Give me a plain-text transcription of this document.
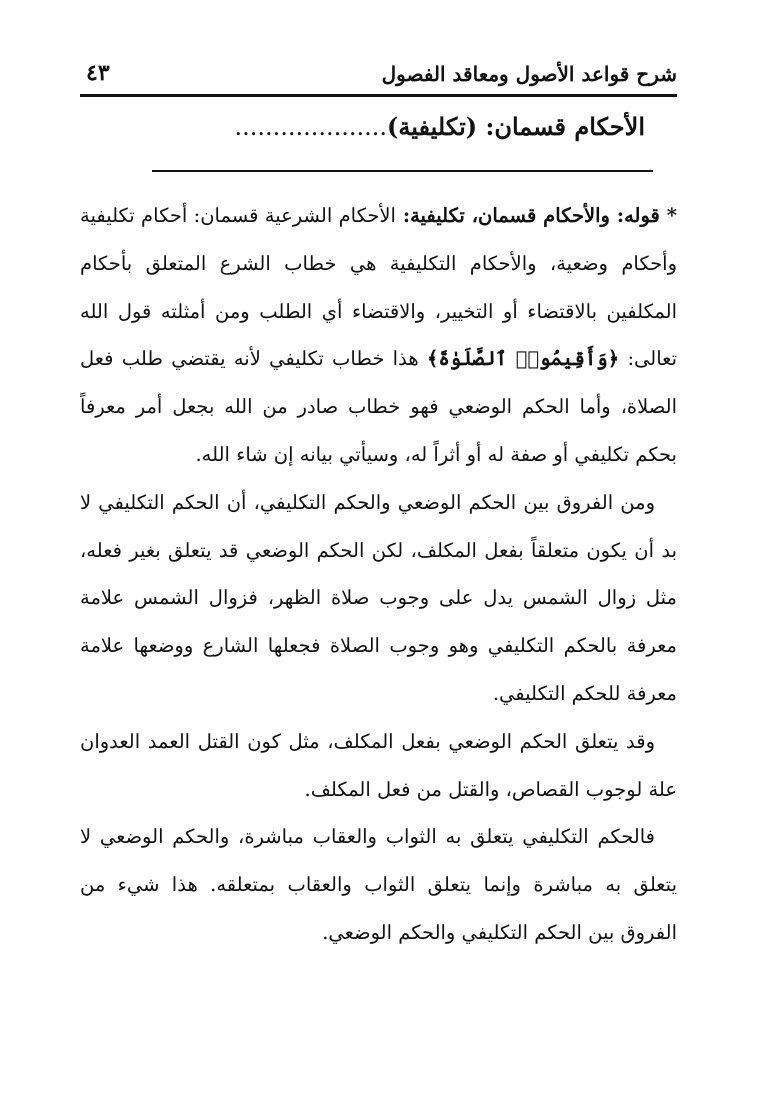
شرح قواعد الأصول ومعاقد الفصول
٤٣
الأحكام قسمان: (تكليفية)....................

* قوله: والأحكام قسمان، تكليفية: الأحكام الشرعية قسمان: أحكام تكليفية وأحكام وضعية، والأحكام التكليفية هي خطاب الشرع المتعلق بأحكام المكلفين بالاقتضاء أو التخيير، والاقتضاء أي الطلب ومن أمثلته قول الله تعالى: ﴿وَأَقِيمُوا۟ ٱلصَّلَوٰةَ﴾ هذا خطاب تكليفي لأنه يقتضي طلب فعل الصلاة، وأما الحكم الوضعي فهو خطاب صادر من الله بجعل أمر معرفاً بحكم تكليفي أو صفة له أو أثراً له، وسيأتي بيانه إن شاء الله.

ومن الفروق بين الحكم الوضعي والحكم التكليفي، أن الحكم التكليفي لا بد أن يكون متعلقاً بفعل المكلف، لكن الحكم الوضعي قد يتعلق بغير فعله، مثل زوال الشمس يدل على وجوب صلاة الظهر، فزوال الشمس علامة معرفة بالحكم التكليفي وهو وجوب الصلاة فجعلها الشارع ووضعها علامة معرفة للحكم التكليفي.

وقد يتعلق الحكم الوضعي بفعل المكلف، مثل كون القتل العمد العدوان علة لوجوب القصاص، والقتل من فعل المكلف.

فالحكم التكليفي يتعلق به الثواب والعقاب مباشرة، والحكم الوضعي لا يتعلق به مباشرة وإنما يتعلق الثواب والعقاب بمتعلقه. هذا شيء من الفروق بين الحكم التكليفي والحكم الوضعي.
